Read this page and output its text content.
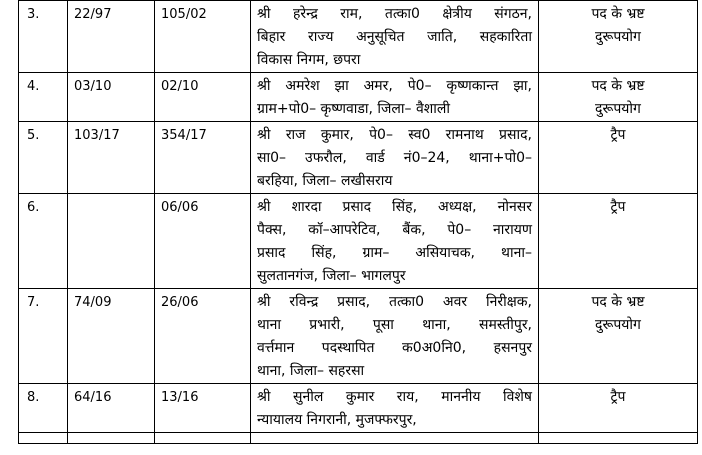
3.	22/97	105/02	श्री हरेन्द्र राम, तत्का0 क्षेत्रीय संगठन,
बिहार राज्य अनुसूचित जाति, सहकारिता
विकास निगम, छपरा	पद के भ्रष्ट
दुरूपयोग

4.	03/10	02/10	श्री अमरेश झा अमर, पे0– कृष्णकान्त झा,
ग्राम+पो0– कृष्णवाडा, जिला– वैशाली	पद के भ्रष्ट
दुरूपयोग

5.	103/17	354/17	श्री राज कुमार, पे0– स्व0 रामनाथ प्रसाद,
सा0– उफरौल, वार्ड नं0–24, थाना+पो0–
बरहिया, जिला– लखीसराय	ट्रैप

6.		06/06	श्री शारदा प्रसाद सिंह, अध्यक्ष, नोनसर
पैक्स, कॉ–आपरेटिव, बैंक, पे0– नारायण
प्रसाद सिंह, ग्राम– असियाचक, थाना–
सुलतानगंज, जिला– भागलपुर	ट्रैप

7.	74/09	26/06	श्री रविन्द्र प्रसाद, तत्का0 अवर निरीक्षक,
थाना प्रभारी, पूसा थाना, समस्तीपुर,
वर्त्तमान पदस्थापित क0अ0नि0, हसनपुर
थाना, जिला– सहरसा	पद के भ्रष्ट
दुरूपयोग

8.	64/16	13/16	श्री सुनील कुमार राय, माननीय विशेष
न्यायालय निगरानी, मुजफ्फरपुर,	ट्रैप
